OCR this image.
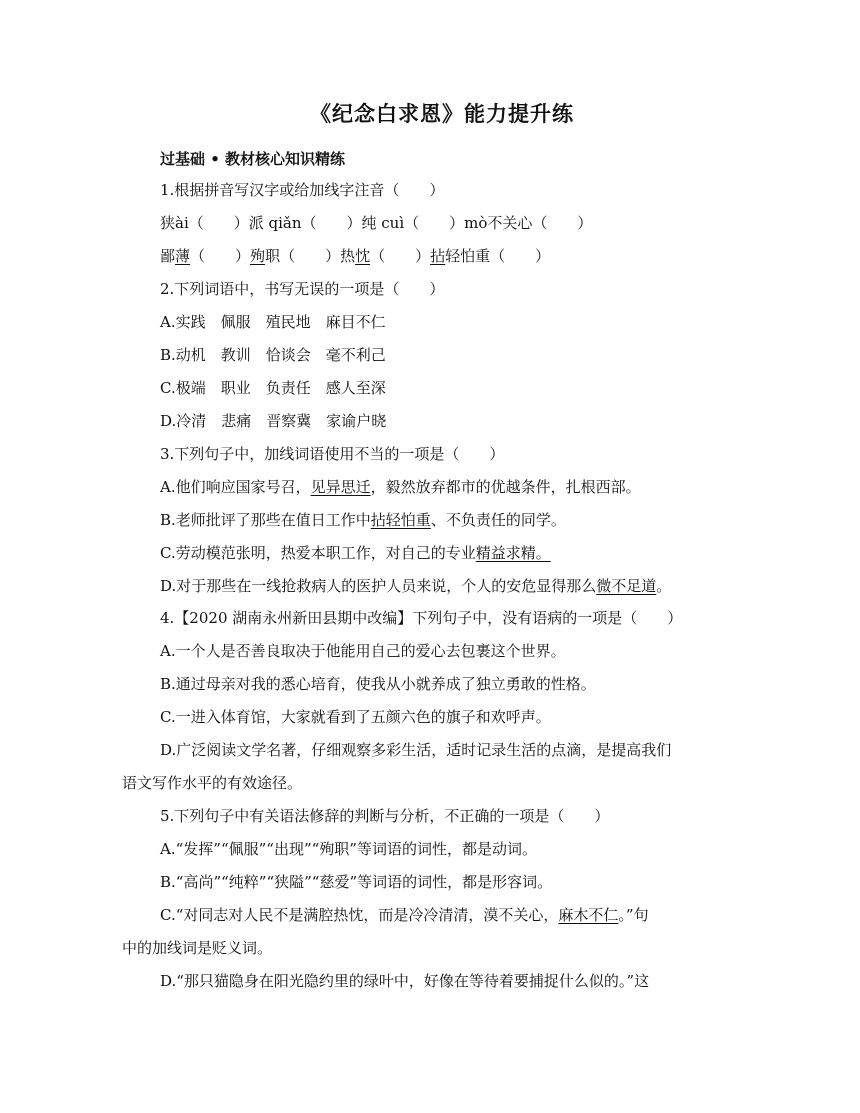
《纪念白求恩》能力提升练
过基础 • 教材核心知识精练
1.根据拼音写汉字或给加线字注音（　　）
狭ài（　　）派 qiǎn（　　）纯 cuì（　　）mò不关心（　　）
鄙薄（　　）殉职（　　）热忱（　　）拈轻怕重（　　）
2.下列词语中，书写无误的一项是（　　）
A.实践　佩服　殖民地　麻目不仁
B.动机　教训　恰谈会　毫不利己
C.极端　职业　负责任　感人至深
D.冷清　悲痛　晋察冀　家谕户晓
3.下列句子中，加线词语使用不当的一项是（　　）
A.他们响应国家号召，见异思迁，毅然放弃都市的优越条件，扎根西部。
B.老师批评了那些在值日工作中拈轻怕重、不负责任的同学。
C.劳动模范张明，热爱本职工作，对自己的专业精益求精。
D.对于那些在一线抢救病人的医护人员来说，个人的安危显得那么微不足道。
4.【2020 湖南永州新田县期中改编】下列句子中，没有语病的一项是（　　）
A.一个人是否善良取决于他能用自己的爱心去包裹这个世界。
B.通过母亲对我的悉心培育，使我从小就养成了独立勇敢的性格。
C.一进入体育馆，大家就看到了五颜六色的旗子和欢呼声。
D.广泛阅读文学名著，仔细观察多彩生活，适时记录生活的点滴，是提高我们
语文写作水平的有效途径。
5.下列句子中有关语法修辞的判断与分析，不正确的一项是（　　）
A.“发挥”“佩服”“出现”“殉职”等词语的词性，都是动词。
B.“高尚”“纯粹”“狭隘”“慈爱”等词语的词性，都是形容词。
C.“对同志对人民不是满腔热忱，而是冷冷清清，漠不关心，麻木不仁。”句
中的加线词是贬义词。
D.“那只猫隐身在阳光隐约里的绿叶中，好像在等待着要捕捉什么似的。”这
